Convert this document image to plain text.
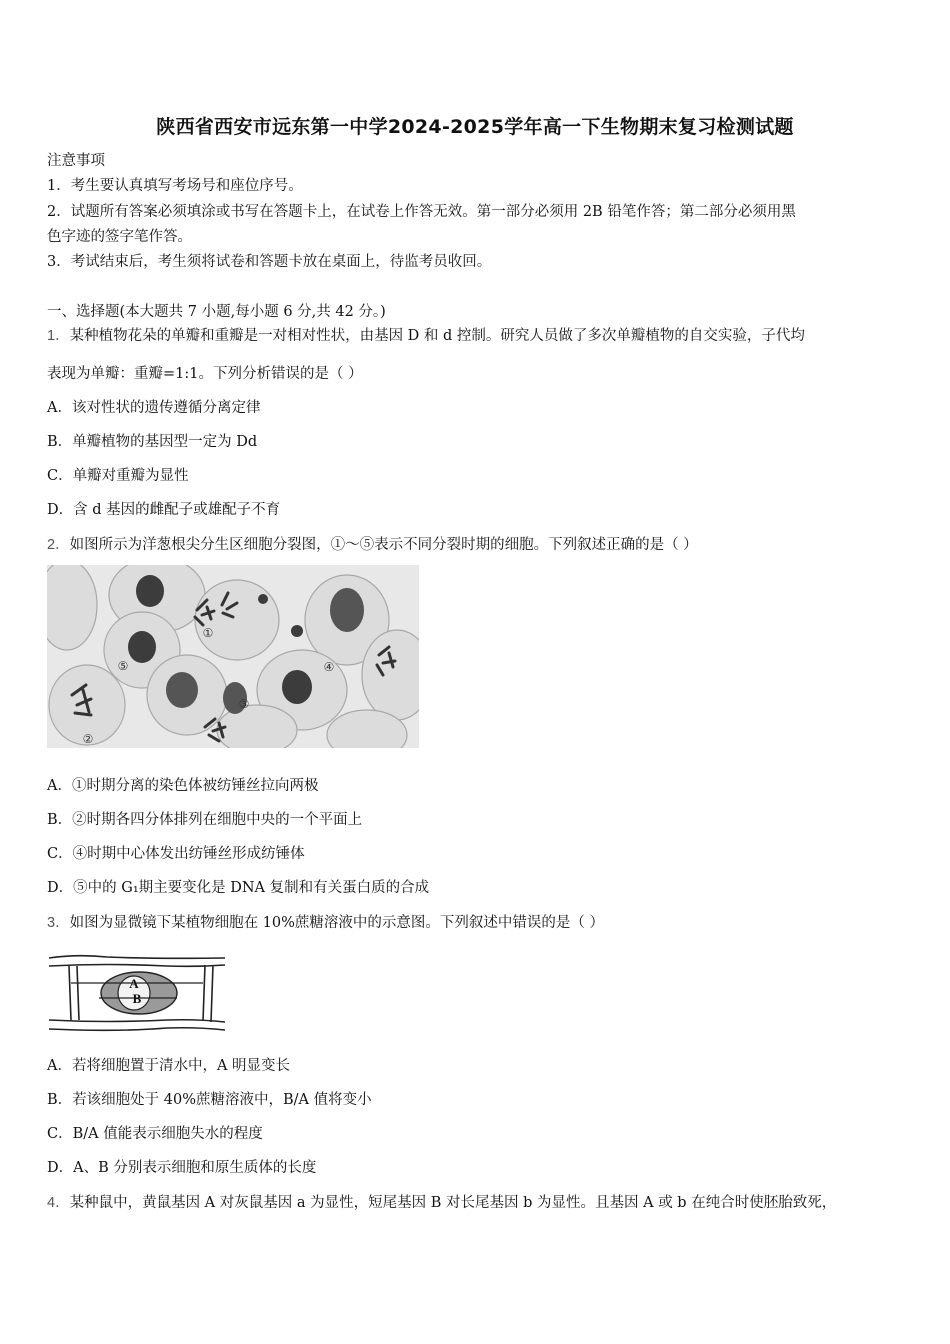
陕西省西安市远东第一中学2024-2025学年高一下生物期末复习检测试题
注意事项
1．考生要认真填写考场号和座位序号。
2．试题所有答案必须填涂或书写在答题卡上，在试卷上作答无效。第一部分必须用 2B 铅笔作答；第二部分必须用黑
色字迹的签字笔作答。
3．考试结束后，考生须将试卷和答题卡放在桌面上，待监考员收回。
一、选择题(本大题共 7 小题,每小题 6 分,共 42 分。)
1．某种植物花朵的单瓣和重瓣是一对相对性状，由基因 D 和 d 控制。研究人员做了多次单瓣植物的自交实验，子代均
表现为单瓣：重瓣=1:1。下列分析错误的是（ ）
A．该对性状的遗传遵循分离定律
B．单瓣植物的基因型一定为 Dd
C．单瓣对重瓣为显性
D．含 d 基因的雌配子或雄配子不育
2．如图所示为洋葱根尖分生区细胞分裂图，①～⑤表示不同分裂时期的细胞。下列叙述正确的是（ ）
①
②
③
④
⑤
A．①时期分离的染色体被纺锤丝拉向两极
B．②时期各四分体排列在细胞中央的一个平面上
C．④时期中心体发出纺锤丝形成纺锤体
D．⑤中的 G₁期主要变化是 DNA 复制和有关蛋白质的合成
3．如图为显微镜下某植物细胞在 10%蔗糖溶液中的示意图。下列叙述中错误的是（ ）
A
B
A．若将细胞置于清水中，A 明显变长
B．若该细胞处于 40%蔗糖溶液中，B/A 值将变小
C．B/A 值能表示细胞失水的程度
D．A、B 分别表示细胞和原生质体的长度
4．某种鼠中，黄鼠基因 A 对灰鼠基因 a 为显性，短尾基因 B 对长尾基因 b 为显性。且基因 A 或 b 在纯合时使胚胎致死，
